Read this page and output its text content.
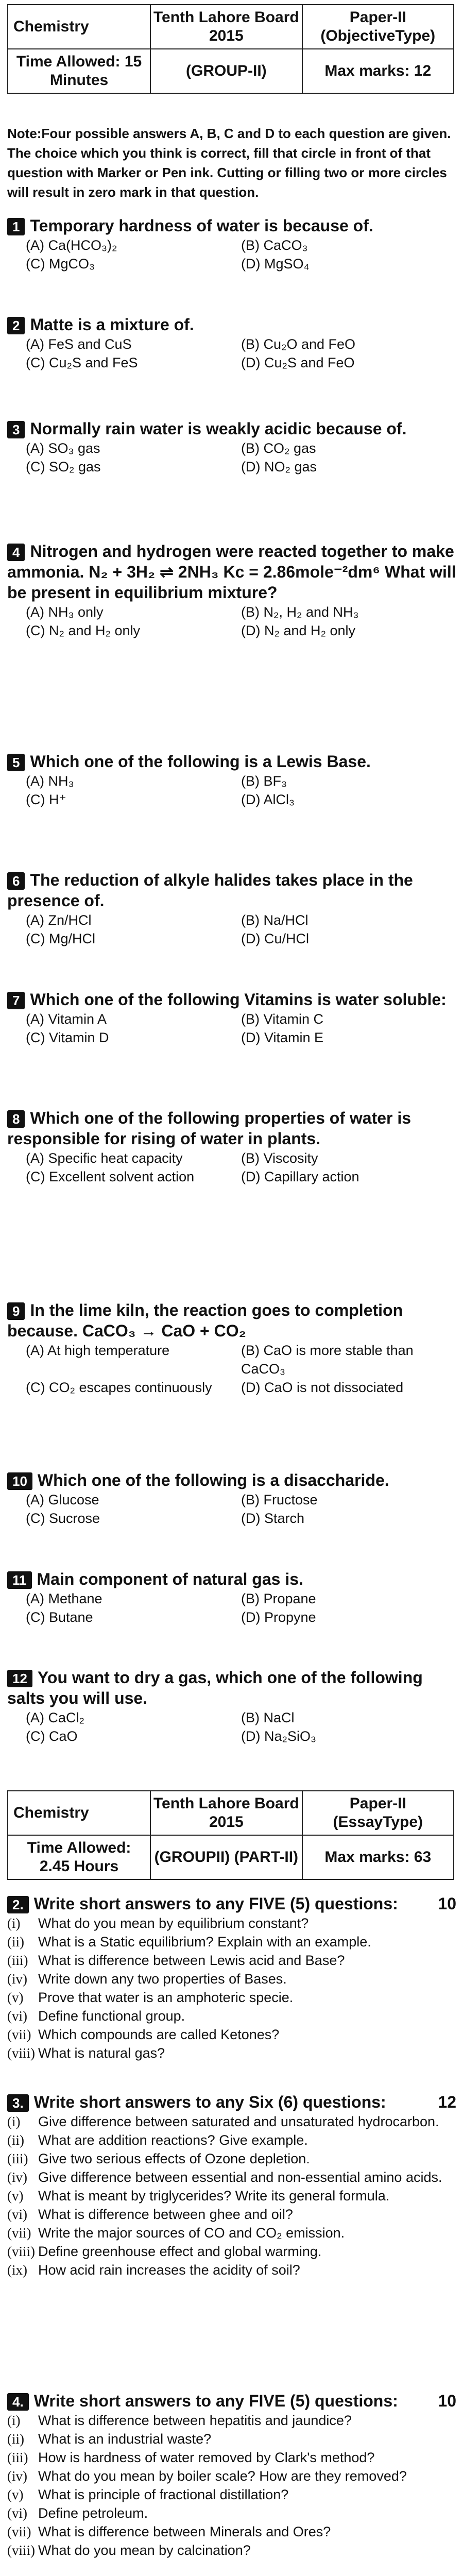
Chemistry	Tenth Lahore Board 2015	Paper-II (ObjectiveType)
Time Allowed: 15 Minutes	(GROUP-II)	Max marks: 12
Note:Four possible answers A, B, C and D to each question are given. The choice which you think is correct, fill that circle in front of that question with Marker or Pen ink. Cutting or filling two or more circles will result in zero mark in that question.
1 Temporary hardness of water is because of.
(A) Ca(HCO₃)₂	(B) CaCO₃
(C) MgCO₃	(D) MgSO₄
2 Matte is a mixture of.
(A) FeS and CuS	(B) Cu₂O and FeO
(C) Cu₂S and FeS	(D) Cu₂S and FeO
3 Normally rain water is weakly acidic because of.
(A) SO₃ gas	(B) CO₂ gas
(C) SO₂ gas	(D) NO₂ gas
4 Nitrogen and hydrogen were reacted together to make ammonia. N₂ + 3H₂ ⇌ 2NH₃ Kc = 2.86mole⁻²dm⁶ What will be present in equilibrium mixture?
(A) NH₃ only	(B) N₂, H₂ and NH₃
(C) N₂ and H₂ only	(D) N₂ and H₂ only
5 Which one of the following is a Lewis Base.
(A) NH₃	(B) BF₃
(C) H⁺	(D) AlCl₃
6 The reduction of alkyle halides takes place in the presence of.
(A) Zn/HCl	(B) Na/HCl
(C) Mg/HCl	(D) Cu/HCl
7 Which one of the following Vitamins is water soluble:
(A) Vitamin A	(B) Vitamin C
(C) Vitamin D	(D) Vitamin E
8 Which one of the following properties of water is responsible for rising of water in plants.
(A) Specific heat capacity	(B) Viscosity
(C) Excellent solvent action	(D) Capillary action
9 In the lime kiln, the reaction goes to completion because. CaCO₃ → CaO + CO₂
(A) At high temperature	(B) CaO is more stable than CaCO₃
(C) CO₂ escapes continuously	(D) CaO is not dissociated
10 Which one of the following is a disaccharide.
(A) Glucose	(B) Fructose
(C) Sucrose	(D) Starch
11 Main component of natural gas is.
(A) Methane	(B) Propane
(C) Butane	(D) Propyne
12 You want to dry a gas, which one of the following salts you will use.
(A) CaCl₂	(B) NaCl
(C) CaO	(D) Na₂SiO₃
Chemistry	Tenth Lahore Board 2015	Paper-II (EssayType)
Time Allowed: 2.45 Hours	(GROUPII) (PART-II)	Max marks: 63
2. Write short answers to any FIVE (5) questions: 10
(i)	What do you mean by equilibrium constant?
(ii)	What is a Static equilibrium? Explain with an example.
(iii) What is difference between Lewis acid and Base?
(iv) Write down any two properties of Bases.
(v)	Prove that water is an amphoteric specie.
(vi) Define functional group.
(vii) Which compounds are called Ketones?
(viii) What is natural gas?
3. Write short answers to any Six (6) questions:	12
(i)	Give difference between saturated and unsaturated hydrocarbon.
(ii)	What are addition reactions? Give example.
(iii) Give two serious effects of Ozone depletion.
(iv) Give difference between essential and non-essential amino acids.
(v)	What is meant by triglycerides? Write its general formula.
(vi) What is difference between ghee and oil?
(vii) Write the major sources of CO and CO₂ emission.
(viii) Define greenhouse effect and global warming.
(ix) How acid rain increases the acidity of soil?
4. Write short answers to any FIVE (5) questions: 10
(i)	What is difference between hepatitis and jaundice?
(ii)	What is an industrial waste?
(iii) How is hardness of water removed by Clark's method?
(iv) What do you mean by boiler scale? How are they removed?
(v)	What is principle of fractional distillation?
(vi) Define petroleum.
(vii) What is difference between Minerals and Ores?
(viii) What do you mean by calcination?
